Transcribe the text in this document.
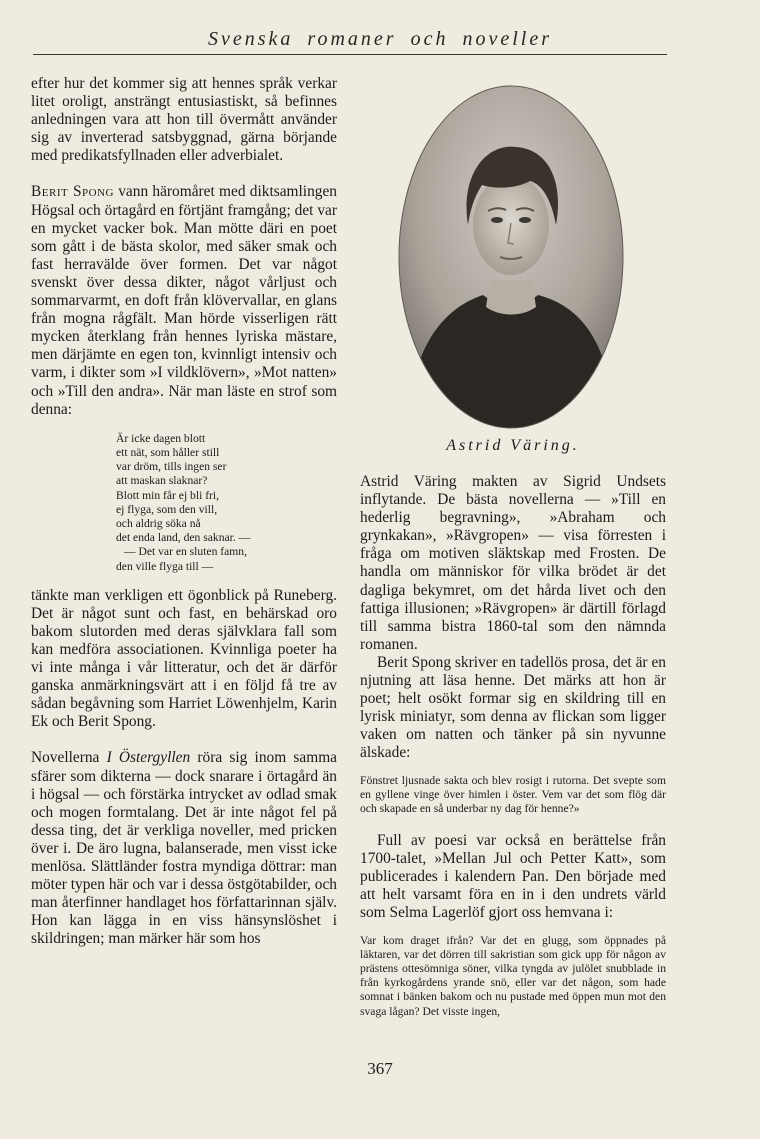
Svenska romaner och noveller

efter hur det kommer sig att hennes språk verkar litet oroligt, ansträngt entusiastiskt, så befinnes anledningen vara att hon till övermått använder sig av inverterad satsbyggnad, gärna börjande med predikatsfyllnaden eller adverbialet.

Berit Spong vann häromåret med diktsamlingen Högsal och örtagård en förtjänt framgång; det var en mycket vacker bok. Man mötte däri en poet som gått i de bästa skolor, med säker smak och fast herravälde över formen. Det var något svenskt över dessa dikter, något vårljust och sommarvarmt, en doft från klövervallar, en glans från mogna rågfält. Man hörde visserligen rätt mycken återklang från hennes lyriska mästare, men därjämte en egen ton, kvinnligt intensiv och varm, i dikter som »I vildklövern», »Mot natten» och »Till den andra». När man läste en strof som denna:

Är icke dagen blott
ett nät, som håller still
var dröm, tills ingen ser
att maskan slaknar?
Blott min får ej bli fri,
ej flyga, som den vill,
och aldrig söka nå
det enda land, den saknar. —
— Det var en sluten famn,
den ville flyga till —

tänkte man verkligen ett ögonblick på Runeberg. Det är något sunt och fast, en behärskad oro bakom slutorden med deras självklara fall som kan medföra associationen. Kvinnliga poeter ha vi inte många i vår litteratur, och det är därför ganska anmärkningsvärt att i en följd få tre av sådan begåvning som Harriet Löwenhjelm, Karin Ek och Berit Spong.

Novellerna I Östergyllen röra sig inom samma sfärer som dikterna — dock snarare i örtagård än i högsal — och förstärka intrycket av odlad smak och mogen formtalang. Det är inte något fel på dessa ting, det är verkliga noveller, med pricken över i. De äro lugna, balanserade, men visst icke menlösa. Slättländer fostra myndiga döttrar: man möter typen här och var i dessa östgötabilder, och man återfinner handlaget hos författarinnan själv. Hon kan lägga in en viss hänsynslöshet i skildringen; man märker här som hos

Astrid Väring.

Astrid Väring makten av Sigrid Undsets inflytande. De bästa novellerna — »Till en hederlig begravning», »Abraham och grynkakan», »Rävgropen» — visa förresten i fråga om motiven släktskap med Frosten. De handla om människor för vilka brödet är det dagliga bekymret, om det hårda livet och den fattiga illusionen; »Rävgropen» är därtill förlagd till samma bistra 1860-tal som den nämnda romanen.

Berit Spong skriver en tadellös prosa, det är en njutning att läsa henne. Det märks att hon är poet; helt osökt formar sig en skildring till en lyrisk miniatyr, som denna av flickan som ligger vaken om natten och tänker på sin nyvunne älskade:

Fönstret ljusnade sakta och blev rosigt i rutorna. Det svepte som en gyllene vinge över himlen i öster. Vem var det som flög där och skapade en så underbar ny dag för henne?»

Full av poesi var också en berättelse från 1700-talet, »Mellan Jul och Petter Katt», som publicerades i kalendern Pan. Den började med att helt varsamt föra en in i den undrets värld som Selma Lagerlöf gjort oss hemvana i:

Var kom draget ifrån? Var det en glugg, som öppnades på läktaren, var det dörren till sakristian som gick upp för någon av prästens ottesömniga söner, vilka tyngda av julölet snubblade in från kyrkogårdens yrande snö, eller var det någon, som hade somnat i bänken bakom och nu pustade med öppen mun mot den svaga lågan? Det visste ingen,

367
